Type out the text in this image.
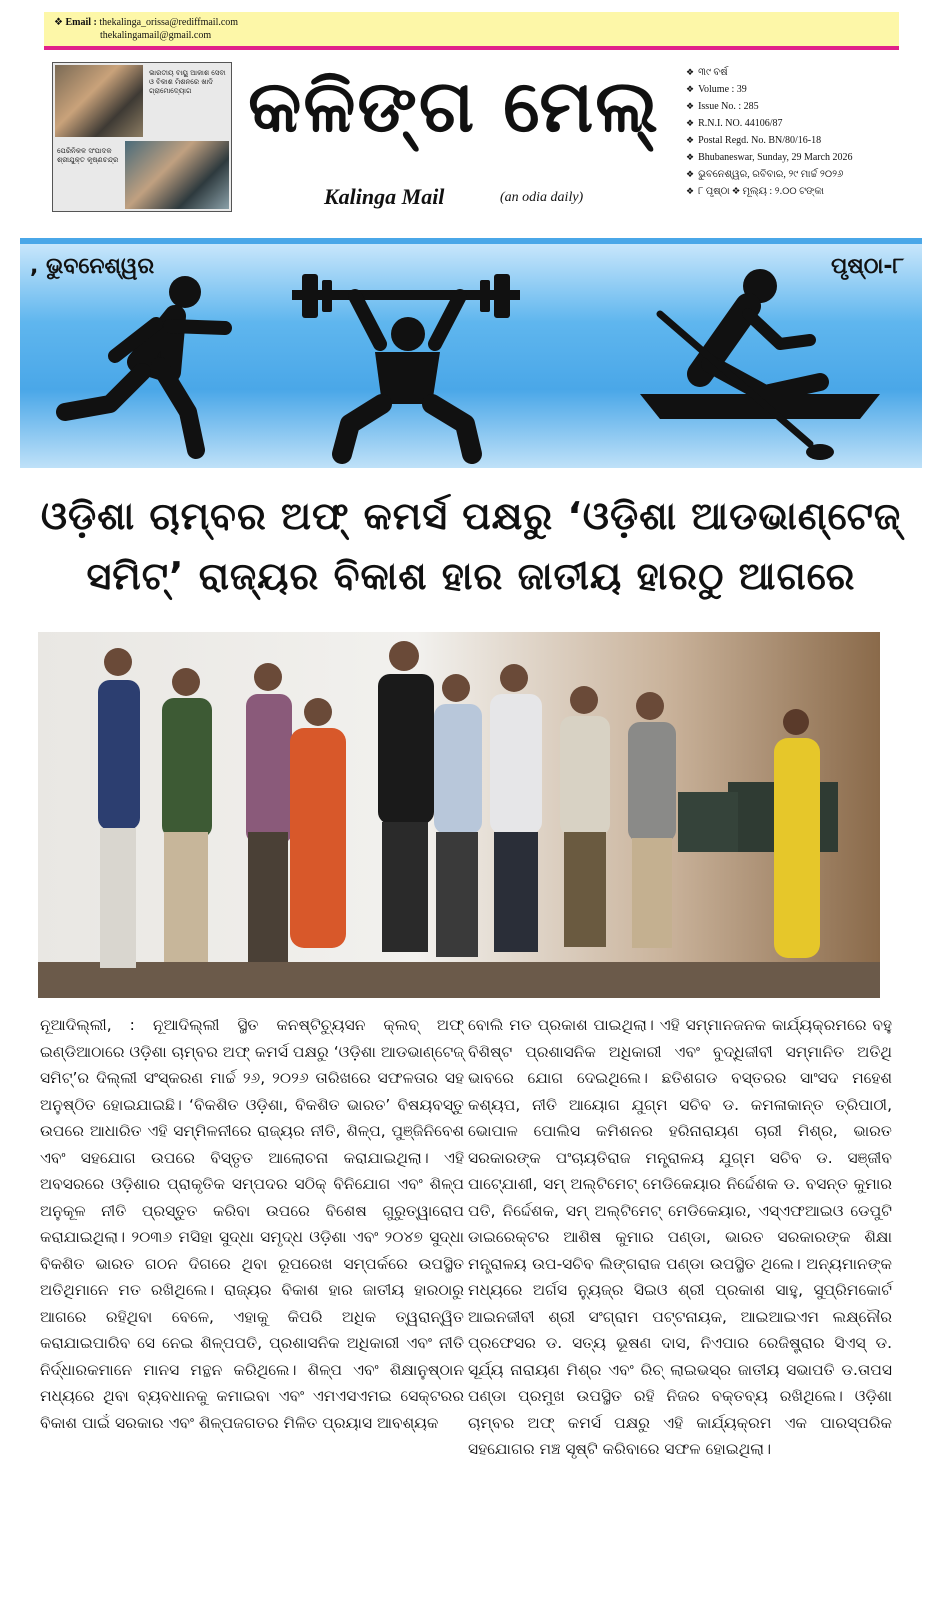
❖ Email : thekalinga_orissa@rediffmail.com
thekalingamail@gmail.com
ଭାରତୀୟ ବାୟୁ ଆକାଶ ସେବା ଓ ବିକାଶ ମିଶନରେ ଖାଦି ଗ୍ରାମୋଦ୍ୟୋଗ
ପେରିନିକଳ ସଂପାଦକ ଶ୍ରୀଯୁକ୍ତ କୃଷ୍ଣଚନ୍ଦ୍ର
କଳିଙ୍ଗ ମେଲ୍
Kalinga Mail	(an odia daily)
❖ ୩୯ ବର୍ଷ
❖ Volume : 39
❖ Issue No. : 285
❖ R.N.I. NO. 44106/87
❖ Postal Regd. No. BN/80/16-18
❖ Bhubaneswar, Sunday, 29 March 2026
❖ ଭୁବନେଶ୍ୱର, ରବିବାର, ୨୯ ମାର୍ଚ୍ଚ ୨୦୨୬
❖ ୮ ପୃଷ୍ଠା ❖ ମୂଲ୍ୟ : ୨.୦୦ ଟଙ୍କା
, ଭୁବନେଶ୍ୱର	ପୃଷ୍ଠା-୮
ଓଡ଼ିଶା ଚାମ୍ବର ଅଫ୍ କମର୍ସ ପକ୍ଷରୁ ‘ଓଡ଼ିଶା ଆଡଭାଣ୍ଟେଜ୍
ସମିଟ୍’ ରାଜ୍ୟର ବିକାଶ ହାର ଜାତୀୟ ହାରଠୁ ଆଗରେ

ନୂଆଦିଲ୍ଲୀ, : ନୂଆଦିଲ୍ଲୀ ସ୍ଥିତ କନଷ୍ଟିଚ୍ୟୁସନ କ୍ଲବ୍ ଅଫ୍ ଇଣ୍ଡିଆଠାରେ ଓଡ଼ିଶା ଚାମ୍ବର ଅଫ୍ କମର୍ସ ପକ୍ଷରୁ ‘ଓଡ଼ିଶା ଆଡଭାଣ୍ଟେଜ୍ ସମିଟ୍’ର ଦିଲ୍ଲୀ ସଂସ୍କରଣ ମାର୍ଚ୍ଚ ୨୬, ୨୦୨୬ ତାରିଖରେ ସଫଳତାର ସହ ଅନୁଷ୍ଠିତ ହୋଇଯାଇଛି। ‘ବିକଶିତ ଓଡ଼ିଶା, ବିକଶିତ ଭାରତ’ ବିଷୟବସ୍ତୁ ଉପରେ ଆଧାରିତ ଏହି ସମ୍ମିଳନୀରେ ରାଜ୍ୟର ନୀତି, ଶିଳ୍ପ, ପୁଞ୍ଜିନିବେଶ ଏବଂ ସହଯୋଗ ଉପରେ ବିସ୍ତୃତ ଆଲୋଚନା କରାଯାଇଥିଲା। ଏହି ଅବସରରେ ଓଡ଼ିଶାର ପ୍ରାକୃତିକ ସମ୍ପଦର ସଠିକ୍ ବିନିଯୋଗ ଏବଂ ଶିଳ୍ପ ଅନୁକୂଳ ନୀତି ପ୍ରସ୍ତୁତ କରିବା ଉପରେ ବିଶେଷ ଗୁରୁତ୍ୱାରୋପ କରାଯାଇଥିଲା। ୨୦୩୬ ମସିହା ସୁଦ୍ଧା ସମୃଦ୍ଧ ଓଡ଼ିଶା ଏବଂ ୨୦୪୭ ସୁଦ୍ଧା ବିକଶିତ ଭାରତ ଗଠନ ଦିଗରେ ଥିବା ରୂପରେଖ ସମ୍ପର୍କରେ ଉପସ୍ଥିତ ଅତିଥିମାନେ ମତ ରଖିଥିଲେ। ରାଜ୍ୟର ବିକାଶ ହାର ଜାତୀୟ ହାରଠାରୁ ଆଗରେ ରହିଥିବା ବେଳେ, ଏହାକୁ କିପରି ଅଧିକ ତ୍ୱରାନ୍ୱିତ କରାଯାଇପାରିବ ସେ ନେଇ ଶିଳ୍ପପତି, ପ୍ରଶାସନିକ ଅଧିକାରୀ ଏବଂ ନୀତି ନିର୍ଦ୍ଧାରକମାନେ ମାନସ ମନ୍ଥନ କରିଥିଲେ। ଶିଳ୍ପ ଏବଂ ଶିକ୍ଷାନୁଷ୍ଠାନ ମଧ୍ୟରେ ଥିବା ବ୍ୟବଧାନକୁ କମାଇବା ଏବଂ ଏମଏସଏମଇ ସେକ୍ଟରର ବିକାଶ ପାଇଁ ସରକାର ଏବଂ ଶିଳ୍ପଜଗତର ମିଳିତ ପ୍ରୟାସ ଆବଶ୍ୟକ

ବୋଲି ମତ ପ୍ରକାଶ ପାଇଥିଲା। ଏହି ସମ୍ମାନଜନକ କାର୍ଯ୍ୟକ୍ରମରେ ବହୁ ବିଶିଷ୍ଟ ପ୍ରଶାସନିକ ଅଧିକାରୀ ଏବଂ ବୁଦ୍ଧିଜୀବୀ ସମ୍ମାନିତ ଅତିଥି ଭାବରେ ଯୋଗ ଦେଇଥିଲେ। ଛତିଶଗଡ ବସ୍ତରର ସାଂସଦ ମହେଶ କଶ୍ୟପ, ନୀତି ଆୟୋଗ ଯୁଗ୍ମ ସଚିବ ଡ. କମଳାକାନ୍ତ ତ୍ରିପାଠୀ, ଭୋପାଳ ପୋଲିସ କମିଶନର ହରିନାରାୟଣ ଚାରୀ ମିଶ୍ର, ଭାରତ ସରକାରଙ୍କ ପଂଚାୟତିରାଜ ମନ୍ତ୍ରାଳୟ ଯୁଗ୍ମ ସଚିବ ଡ. ସଞ୍ଜୀବ ପାଟ୍ଯୋଶୀ, ସମ୍ ଅଲ୍ଟିମେଟ୍ ମେଡିକେୟାର ନିର୍ଦ୍ଦେଶକ ଡ. ବସନ୍ତ କୁମାର ପତି, ନିର୍ଦ୍ଦେଶକ, ସମ୍ ଅଲ୍ଟିମେଟ୍ ମେଡିକେୟାର, ଏସ୍ଏଫଆଇଓ ଡେପୁଟି ଡାଇରେକ୍ଟର ଆଶିଷ କୁମାର ପଣ୍ଡା, ଭାରତ ସରକାରଙ୍କ ଶିକ୍ଷା ମନ୍ତ୍ରାଳୟ ଉପ-ସଚିବ ଲିଙ୍ଗରାଜ ପଣ୍ଡା ଉପସ୍ଥିତ ଥିଲେ। ଅନ୍ୟମାନଙ୍କ ମଧ୍ୟରେ ଅର୍ଗସ ନ୍ୟୁଜ୍ର ସିଇଓ ଶ୍ରୀ ପ୍ରକାଶ ସାହୁ, ସୁପ୍ରିମକୋର୍ଟ ଆଇନଜୀବୀ ଶ୍ରୀ ସଂଗ୍ରାମ ପଟ୍ଟନାୟକ, ଆଇଆଇଏମ ଲକ୍ଷ୍ନୌର ପ୍ରଫେସର ଡ. ସତ୍ୟ ଭୂଷଣ ଦାସ, ନିଏପାର ରେଜିଷ୍ଟ୍ରାର ସିଏସ୍ ଡ. ସୂର୍ଯ୍ୟ ନାରାୟଣ ମିଶ୍ର ଏବଂ ରିଚ୍ ଲାଇଭସ୍ର ଜାତୀୟ ସଭାପତି ଡ.ତାପସ ପଣ୍ଡା ପ୍ରମୁଖ ଉପସ୍ଥିତ ରହି ନିଜର ବକ୍ତବ୍ୟ ରଖିଥିଲେ। ଓଡ଼ିଶା ଚାମ୍ବର ଅଫ୍ କମର୍ସ ପକ୍ଷରୁ ଏହି କାର୍ଯ୍ୟକ୍ରମ ଏକ ପାରସ୍ପରିକ ସହଯୋଗର ମଞ୍ଚ ସୃଷ୍ଟି କରିବାରେ ସଫଳ ହୋଇଥିଲା।
